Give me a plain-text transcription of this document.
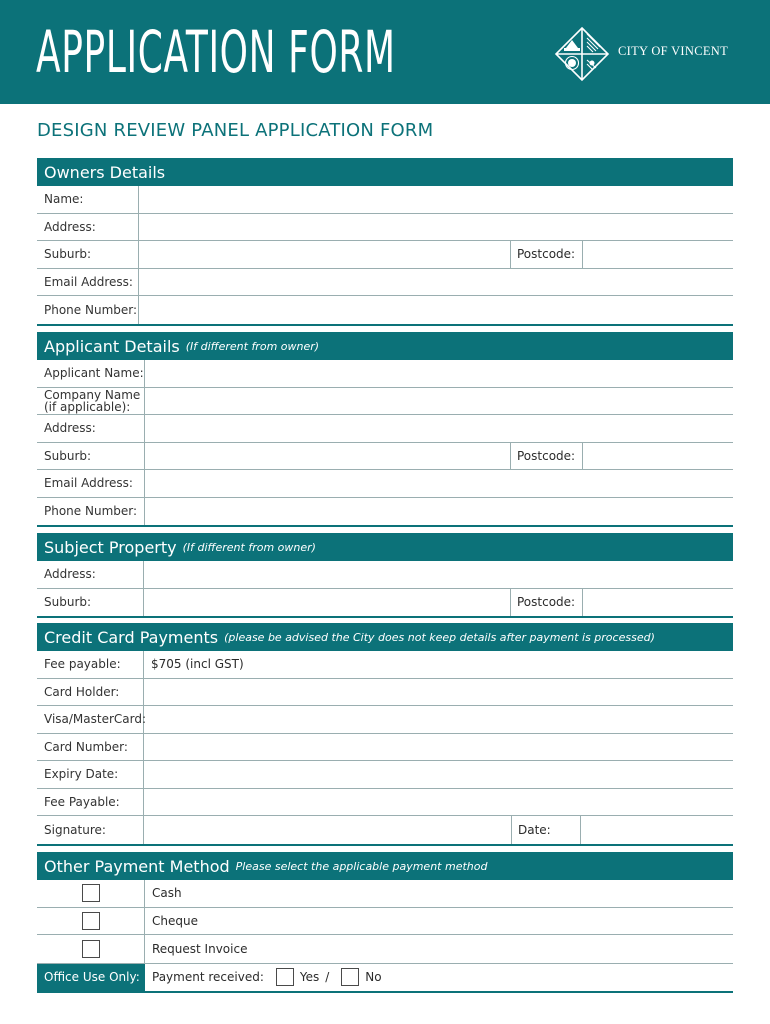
APPLICATION FORM	CITY OF VINCENT
DESIGN REVIEW PANEL APPLICATION FORM
Owners Details
Name:
Address:
Suburb:	Postcode:
Email Address:
Phone Number:
Applicant Details (If different from owner)
Applicant Name:
Company Name
(if applicable):
Address:
Suburb:	Postcode:
Email Address:
Phone Number:
Subject Property (If different from owner)
Address:
Suburb:	Postcode:
Credit Card Payments (please be advised the City does not keep details after payment is processed)
Fee payable:	$705 (incl GST)
Card Holder:
Visa/MasterCard:
Card Number:
Expiry Date:
Fee Payable:
Signature:	Date:
Other Payment Method Please select the applicable payment method
Cash
Cheque
Request Invoice
Office Use Only:	Payment received:	Yes /	No
